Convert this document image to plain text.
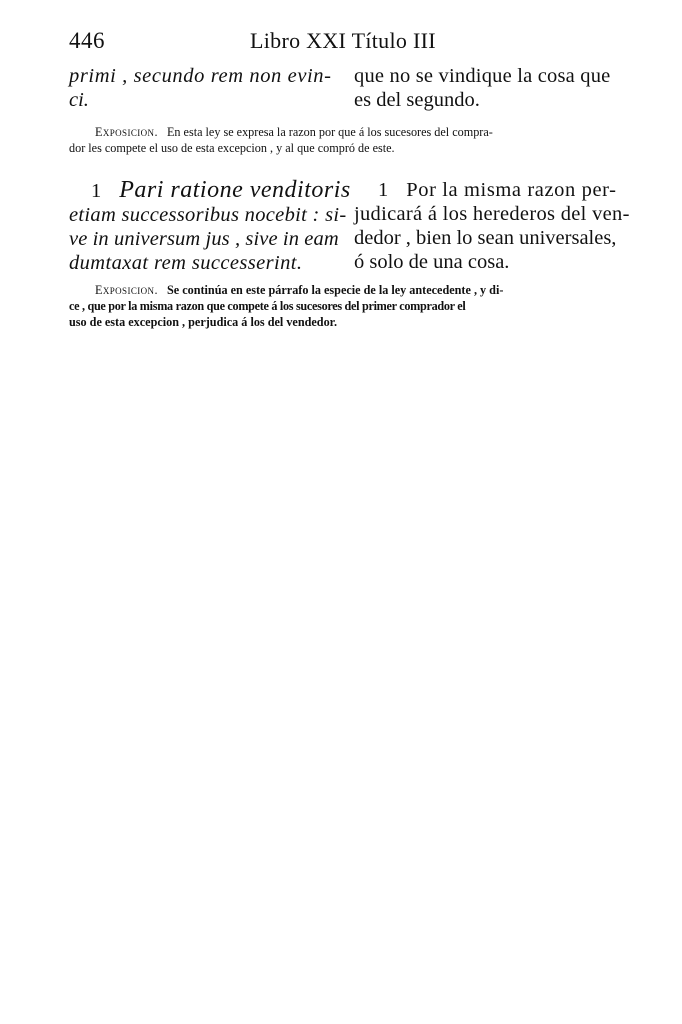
446	Libro XXI Título III
primi , secundo rem non evin-
ci.
que no se vindique la cosa que
es del segundo.
Exposicion. En esta ley se expresa la razon por que á los sucesores del compra-
dor les compete el uso de esta excepcion , y al que compró de este.
1 Pari ratione venditoris
etiam successoribus nocebit : si-
ve in universum jus , sive in eam
dumtaxat rem successerint.
1 Por la misma razon per-
judicará á los herederos del ven-
dedor , bien lo sean universales,
ó solo de una cosa.
Exposicion. Se continúa en este párrafo la especie de la ley antecedente , y di-
ce , que por la misma razon que compete á los sucesores del primer comprador el
uso de esta excepcion , perjudica á los del vendedor.
